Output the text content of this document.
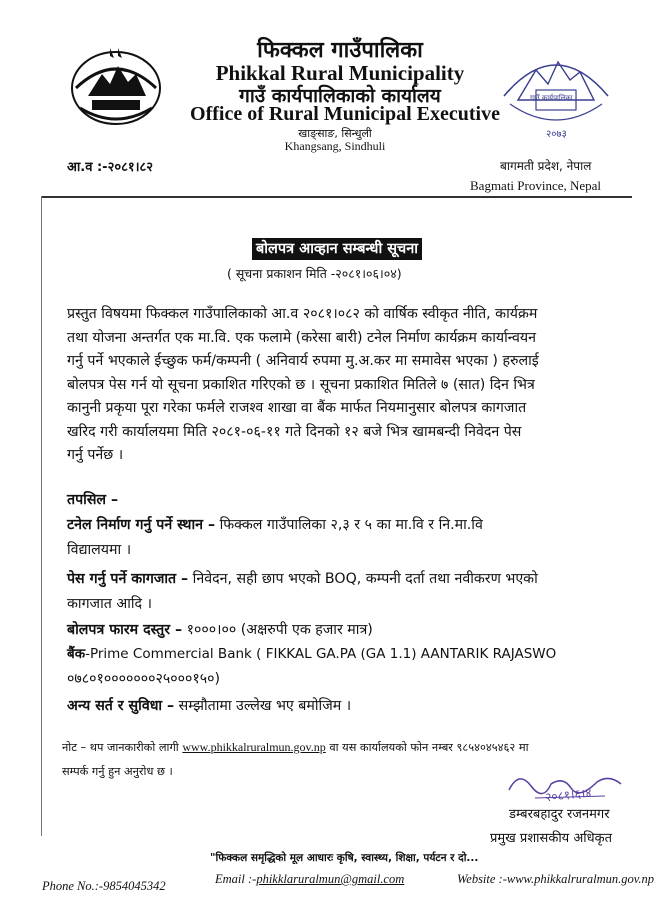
फिक्कल गाउँपालिका
Phikkal Rural Municipality
गाउँ कार्यपालिकाको कार्यालय
Office of Rural Municipal Executive
खाङ्साङ, सिन्धुली
Khangsang, Sindhuli
गाउँ कार्यपालिका
२०७३
आ.व :-२०८१।८२	बागमती प्रदेश, नेपाल
Bagmati Province, Nepal
बोलपत्र आव्हान सम्बन्धी सूचना
( सूचना प्रकाशन मिति -२०८१।०६।०४)
प्रस्तुत विषयमा फिक्कल गाउँपालिकाको आ.व २०८१।०८२ को वार्षिक स्वीकृत नीति, कार्यक्रम
तथा योजना अन्तर्गत एक मा.वि. एक फलामे (करेसा बारी) टनेल निर्माण कार्यक्रम कार्यान्वयन
गर्नु पर्ने भएकाले ईच्छुक फर्म/कम्पनी ( अनिवार्य रुपमा मु.अ.कर मा समावेस भएका ) हरुलाई
बोलपत्र पेस गर्न यो सूचना प्रकाशित गरिएको छ । सूचना प्रकाशित मितिले ७ (सात) दिन भित्र
कानुनी प्रकृया पूरा गरेका फर्मले राजश्व शाखा वा बैंक मार्फत नियमानुसार बोलपत्र कागजात
खरिद गरी कार्यालयमा मिति २०८१-०६-११ गते दिनको १२ बजे भित्र खामबन्दी निवेदन पेस
गर्नु पर्नेछ ।
तपसिल –
टनेल निर्माण गर्नु पर्ने स्थान – फिक्कल गाउँपालिका २,३ र ५ का मा.वि र नि.मा.वि
विद्यालयमा ।
पेस गर्नु पर्ने कागजात – निवेदन, सही छाप भएको BOQ, कम्पनी दर्ता तथा नवीकरण भएको
कागजात आदि ।
बोलपत्र फारम दस्तुर – १०००।०० (अक्षरुपी एक हजार मात्र)
बैंक-Prime Commercial Bank ( FIKKAL GA.PA (GA 1.1) AANTARIK RAJASWO
०७८०१०००००००२५०००१५०)
अन्य सर्त र सुविधा – सम्झौतामा उल्लेख भए बमोजिम ।
नोट – थप जानकारीको लागी www.phikkalruralmun.gov.np वा यस कार्यालयको फोन नम्बर ९८५४०४५४६२ मा
सम्पर्क गर्नु हुन अनुरोध छ ।
२०८१।६।४
डम्बरबहादुर रजनमगर
प्रमुख प्रशासकीय अधिकृत
"फिक्कल समृद्धिको मूल आधारः कृषि, स्वास्थ्य, शिक्षा, पर्यटन र दो...
Phone No.:-9854045342	Email :-phikklaruralmun@gmail.com	Website :-www.phikkalruralmun.gov.np
